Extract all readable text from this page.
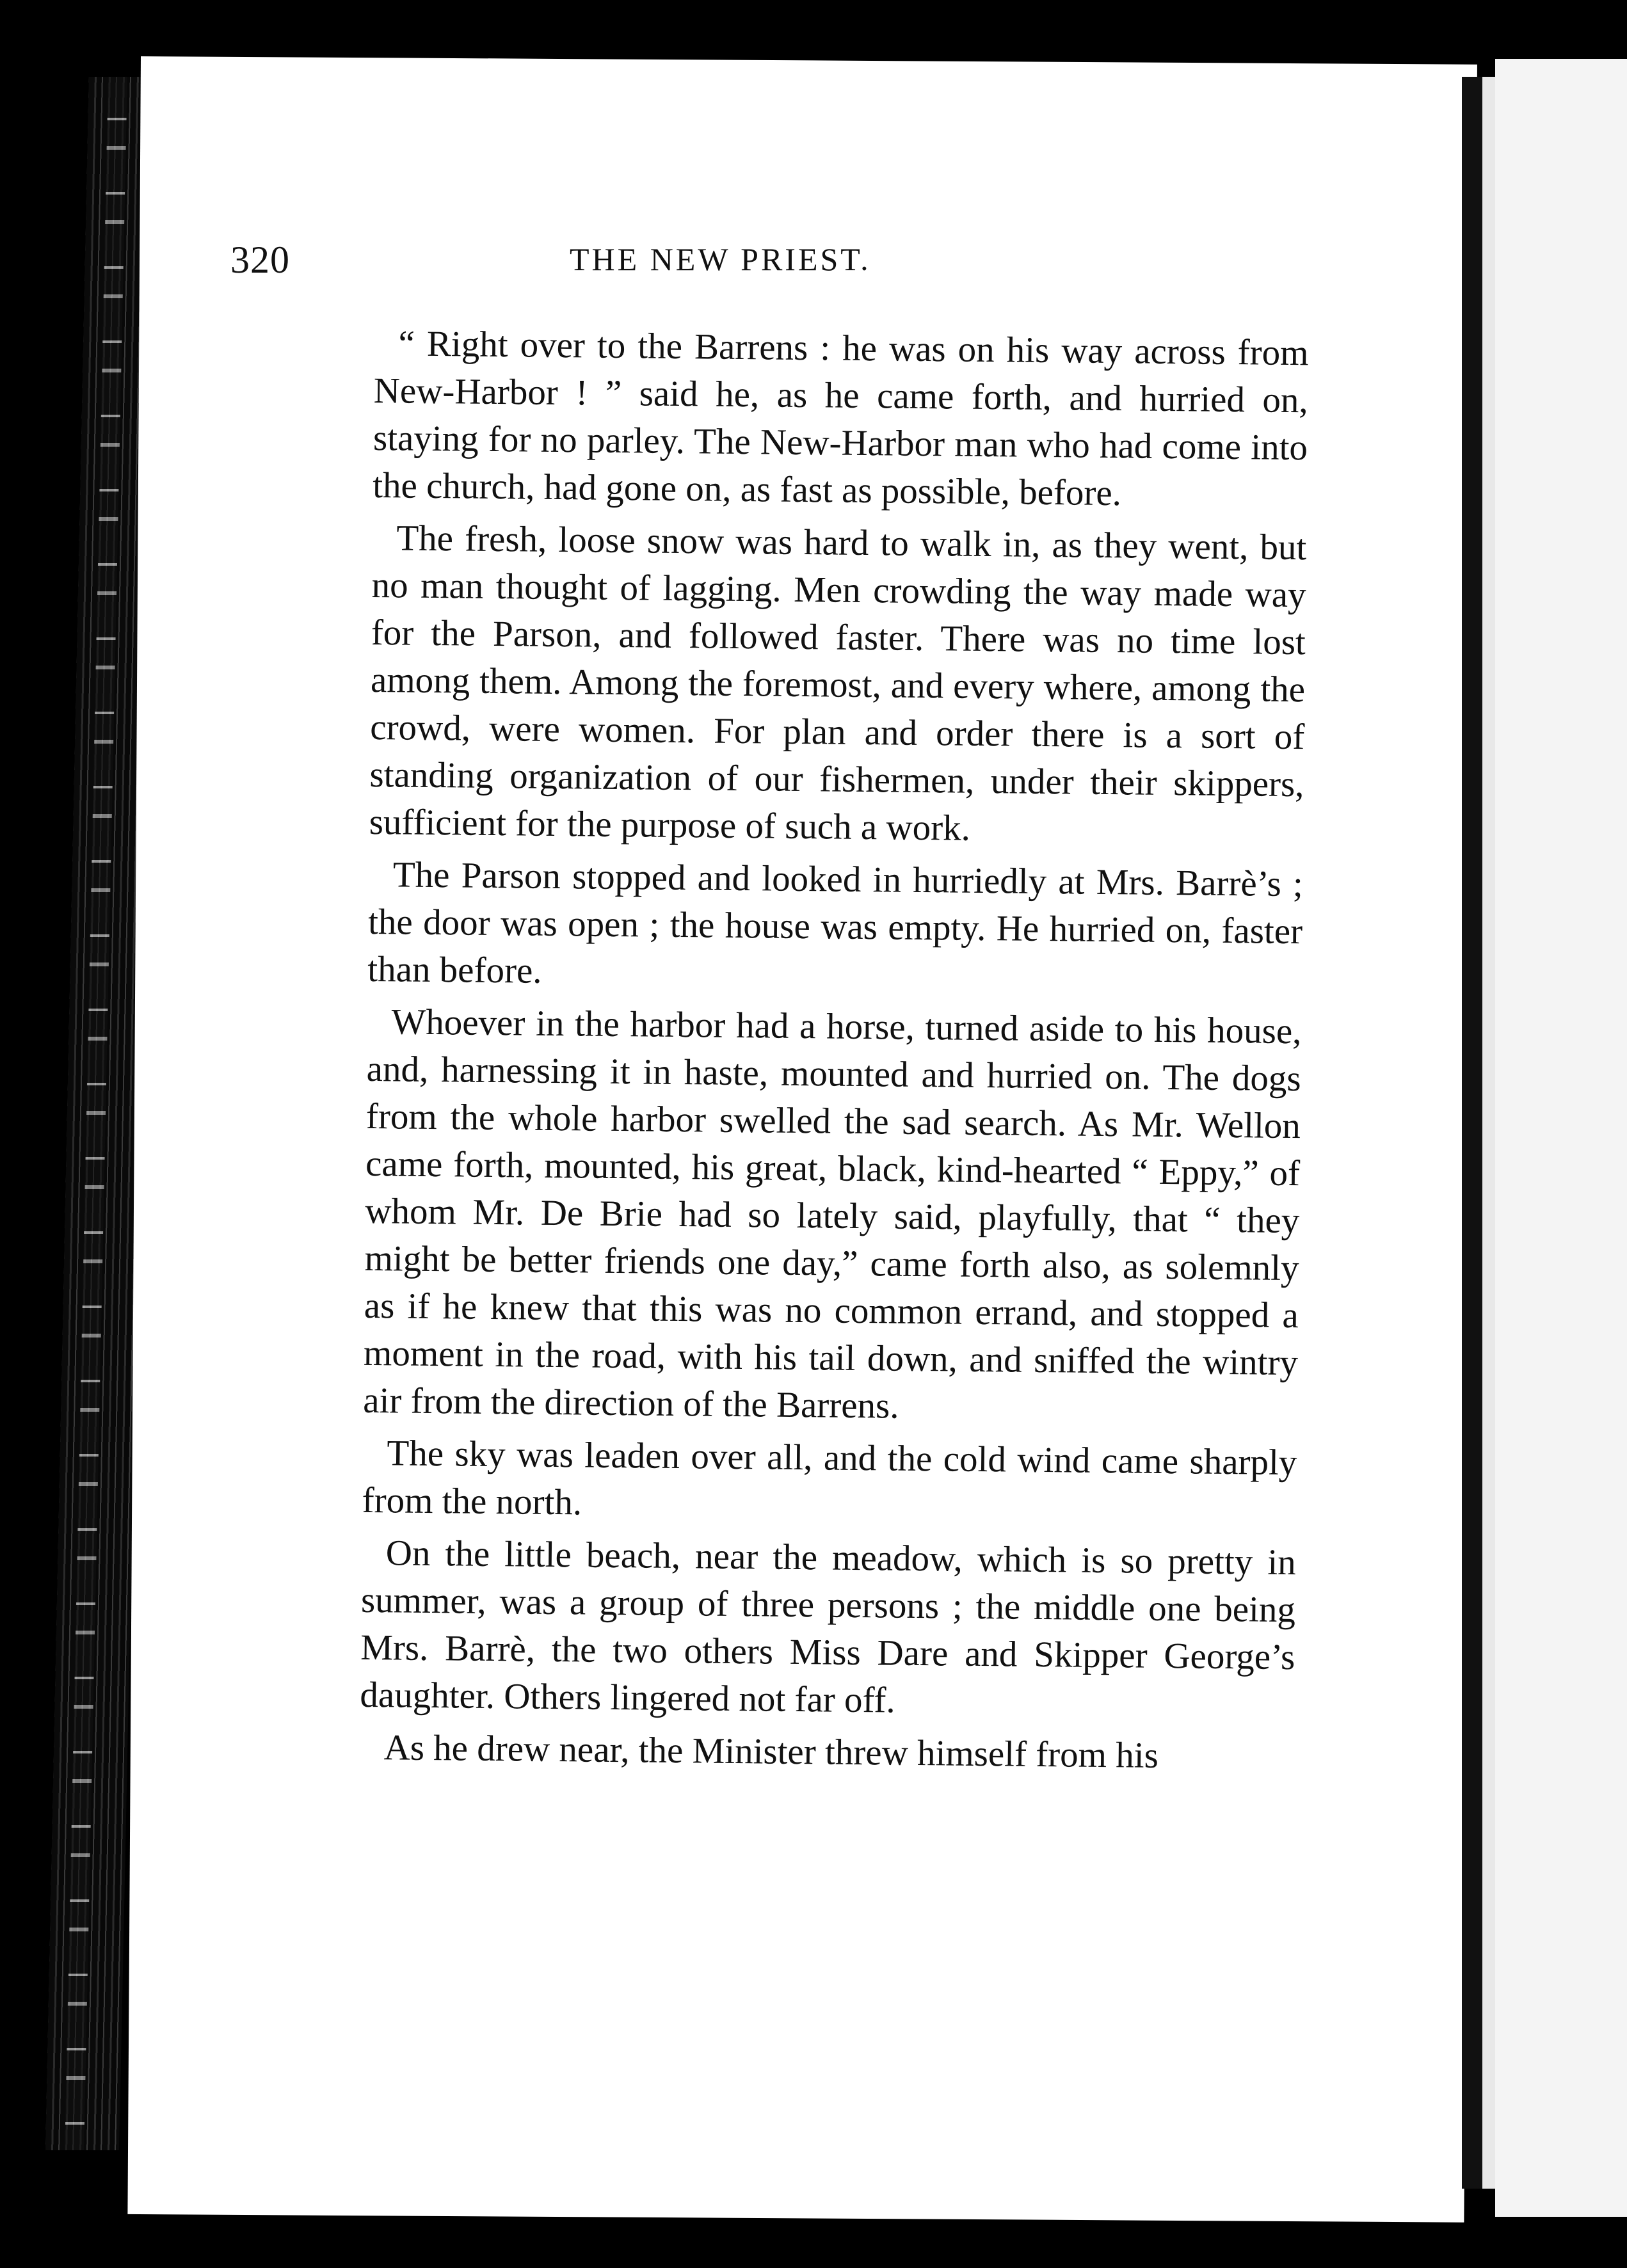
320	THE NEW PRIEST.

“ Right over to the Barrens : he was on his way across from New-Harbor ! ” said he, as he came forth, and hurried on, staying for no parley. The New-Harbor man who had come into the church, had gone on, as fast as possible, before.

The fresh, loose snow was hard to walk in, as they went, but no man thought of lagging. Men crowding the way made way for the Parson, and followed faster. There was no time lost among them. Among the foremost, and every where, among the crowd, were women. For plan and order there is a sort of standing organization of our fishermen, under their skippers, sufficient for the purpose of such a work.

The Parson stopped and looked in hurriedly at Mrs. Barrè’s ; the door was open ; the house was empty. He hurried on, faster than before.

Whoever in the harbor had a horse, turned aside to his house, and, harnessing it in haste, mounted and hurried on. The dogs from the whole harbor swelled the sad search. As Mr. Wellon came forth, mounted, his great, black, kind-hearted “ Eppy,” of whom Mr. De Brie had so lately said, playfully, that “ they might be better friends one day,” came forth also, as solemnly as if he knew that this was no common errand, and stopped a moment in the road, with his tail down, and sniffed the wintry air from the direction of the Barrens.

The sky was leaden over all, and the cold wind came sharply from the north.

On the little beach, near the meadow, which is so pretty in summer, was a group of three persons ; the middle one being Mrs. Barrè, the two others Miss Dare and Skipper George’s daughter. Others lingered not far off.

As he drew near, the Minister threw himself from his
